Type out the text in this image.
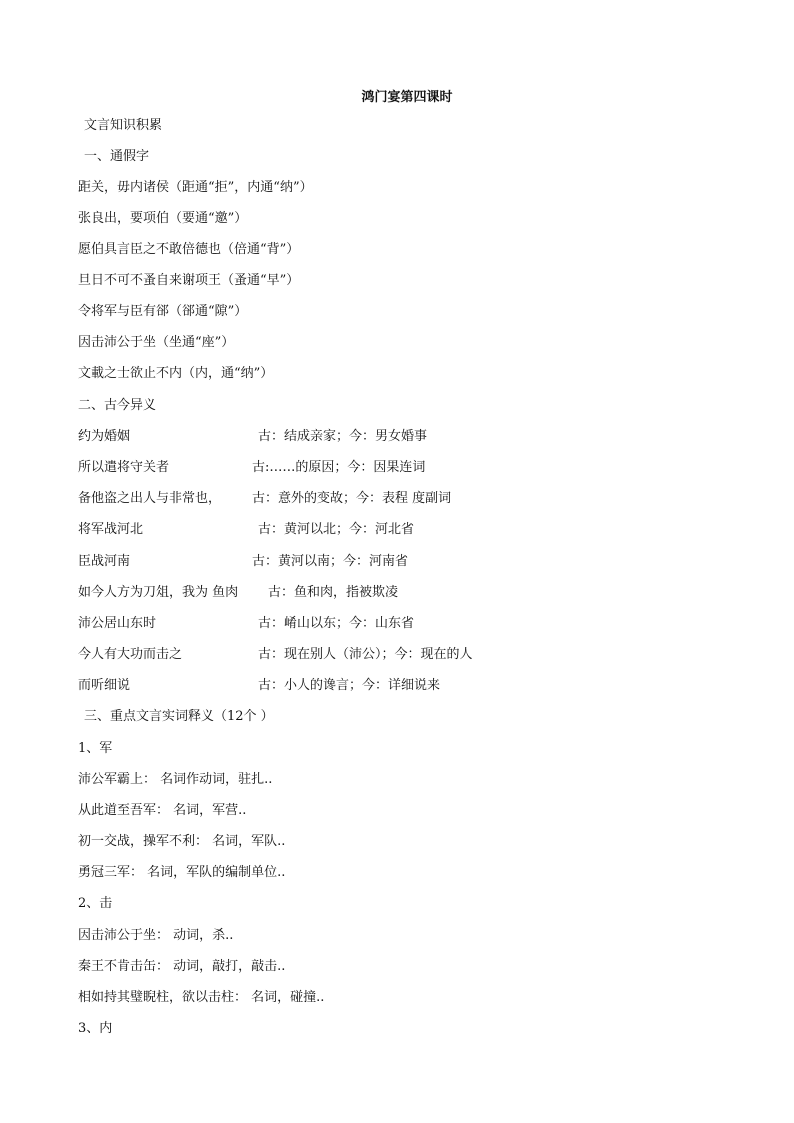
鸿门宴第四课时
文言知识积累
一、通假字
距关，毋内诸侯（距通“拒”，内通“纳”）
张良出，要项伯（要通“邀”）
愿伯具言臣之不敢倍德也（倍通“背”）
旦日不可不蚤自来谢项王（蚤通“早”）
令将军与臣有郤（郤通“隙”）
因击沛公于坐（坐通“座”）
文載之士欲止不内（内，通“纳”）
二、古今异义
约为婚姻	古：结成亲家；今：男女婚事
所以遣将守关者	古:……的原因；今：因果连词
备他盗之出人与非常也， 古：意外的变故；今：表程 度副词
将军战河北	古：黄河以北；今：河北省
臣战河南	古：黄河以南；今：河南省
如今人方为刀俎，我为 鱼肉 古：鱼和肉，指被欺凌
沛公居山东时	古：崤山以东；今：山东省
今人有大功而击之	古：现在别人（沛公）；今：现在的人
而听细说	古：小人的谗言；今：详细说来
三、重点文言实词释义（12个 ）
1、军
沛公军霸上： 名词作动词，驻扎..
从此道至吾军： 名词，军营..
初一交战，操军不利： 名词，军队..
勇冠三军： 名词，军队的编制单位..
2、击
因击沛公于坐： 动词，杀..
秦王不肯击缶： 动词，敲打，敲击..
相如持其璧睨柱，欲以击柱： 名词，碰撞..
3、内
